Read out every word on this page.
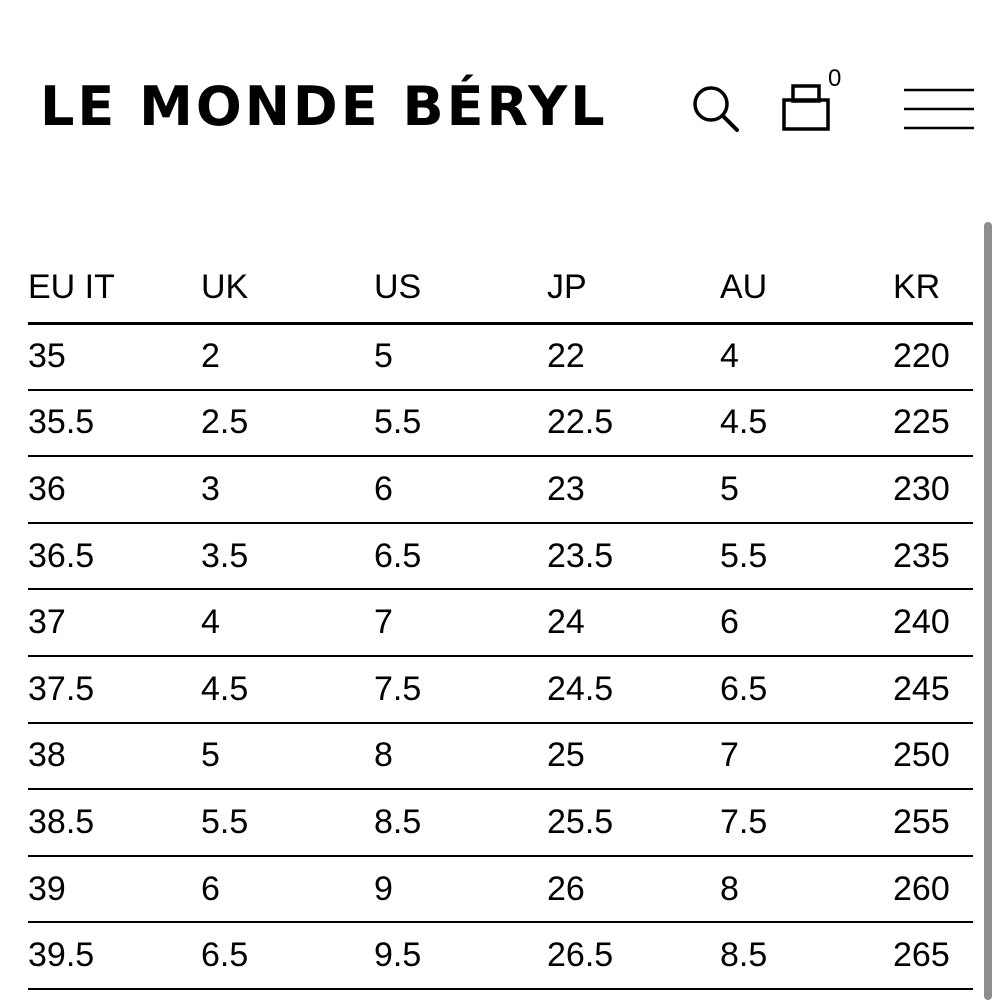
LE MONDE BÉRYL	0
EU IT	UK	US	JP	AU	KR
35	2	5	22	4	220
35.5	2.5	5.5	22.5	4.5	225
36	3	6	23	5	230
36.5	3.5	6.5	23.5	5.5	235
37	4	7	24	6	240
37.5	4.5	7.5	24.5	6.5	245
38	5	8	25	7	250
38.5	5.5	8.5	25.5	7.5	255
39	6	9	26	8	260
39.5	6.5	9.5	26.5	8.5	265
